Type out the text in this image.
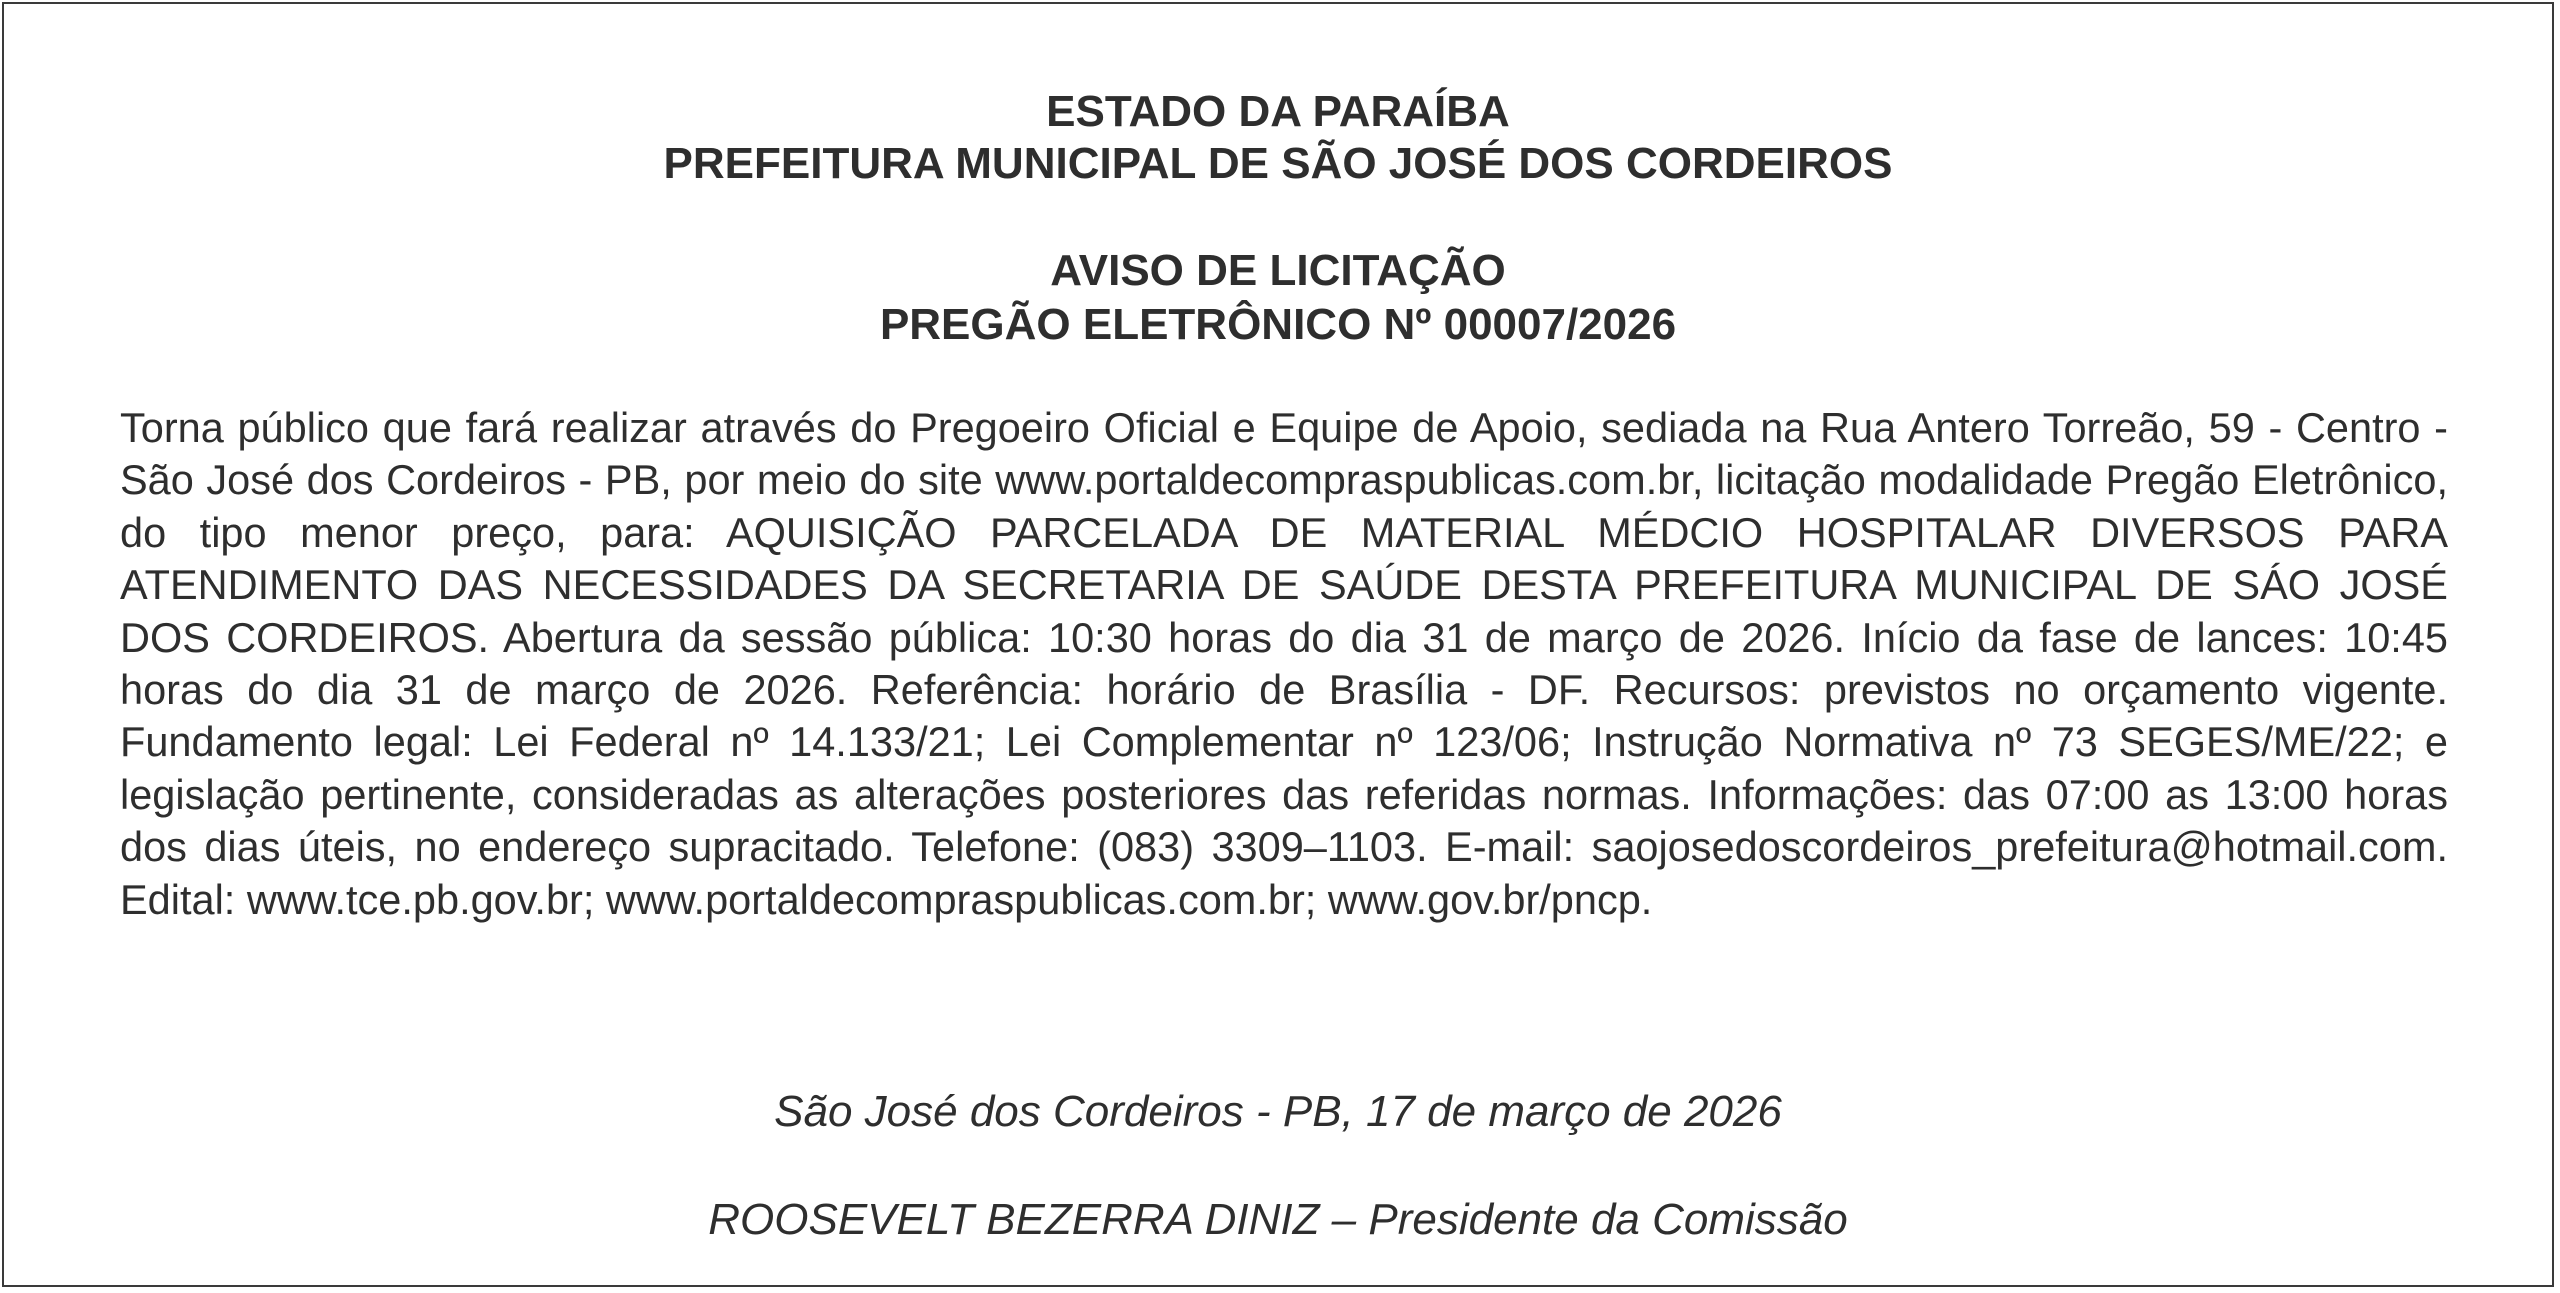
ESTADO DA PARAÍBA
PREFEITURA MUNICIPAL DE SÃO JOSÉ DOS CORDEIROS
AVISO DE LICITAÇÃO
PREGÃO ELETRÔNICO Nº 00007/2026
Torna público que fará realizar através do Pregoeiro Oficial e Equipe de Apoio, sediada na Rua Antero Torreão, 59 - Centro - São José dos Cordeiros - PB, por meio do site www.portaldecompraspublicas.com.br, licitação modalidade Pregão Eletrônico, do tipo menor preço, para: AQUISIÇÃO PARCELADA DE MATERIAL MÉDCIO HOSPITALAR DIVERSOS PARA ATENDIMENTO DAS NECESSIDADES DA SECRETARIA DE SAÚDE DESTA PREFEITURA MUNICIPAL DE SÁO JOSÉ DOS CORDEIROS. Abertura da sessão pública: 10:30 horas do dia 31 de março de 2026. Início da fase de lances: 10:45 horas do dia 31 de março de 2026. Referência: horário de Brasília - DF. Recursos: previstos no orçamento vigente. Fundamento legal: Lei Federal nº 14.133/21; Lei Complementar nº 123/06; Instrução Normativa nº 73 SEGES/ME/22; e legislação pertinente, consideradas as alterações posteriores das referidas normas. Informações: das 07:00 as 13:00 horas dos dias úteis, no endereço supracitado. Telefone: (083) 3309–1103. E-mail: saojosedoscordeiros_prefeitura@hotmail.com. Edital: www.tce.pb.gov.br; www.portaldecompraspublicas.com.br; www.gov.br/pncp.
São José dos Cordeiros - PB, 17 de março de 2026
ROOSEVELT BEZERRA DINIZ – Presidente da Comissão
